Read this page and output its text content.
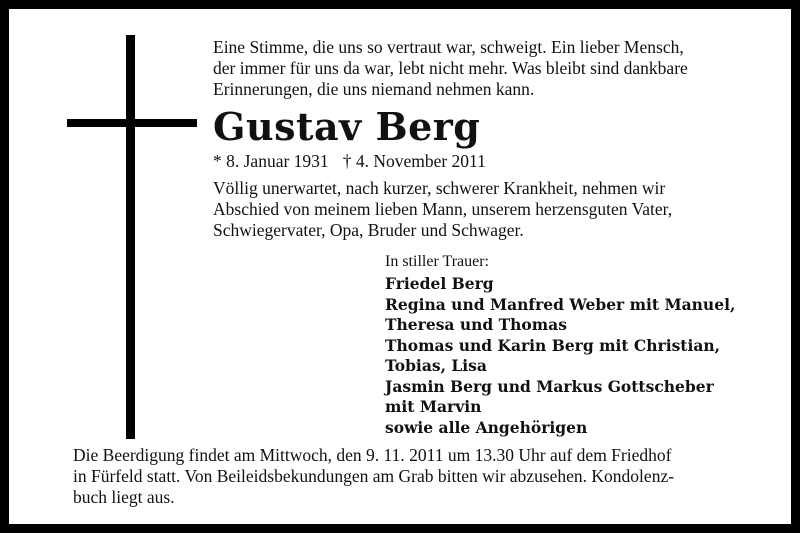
Eine Stimme, die uns so vertraut war, schweigt. Ein lieber Mensch,
der immer für uns da war, lebt nicht mehr. Was bleibt sind dankbare
Erinnerungen, die uns niemand nehmen kann.

Gustav Berg
* 8. Januar 1931 † 4. November 2011

Völlig unerwartet, nach kurzer, schwerer Krankheit, nehmen wir
Abschied von meinem lieben Mann, unserem herzensguten Vater,
Schwiegervater, Opa, Bruder und Schwager.

In stiller Trauer:
Friedel Berg
Regina und Manfred Weber mit Manuel,
Theresa und Thomas
Thomas und Karin Berg mit Christian,
Tobias, Lisa
Jasmin Berg und Markus Gottscheber
mit Marvin
sowie alle Angehörigen

Die Beerdigung findet am Mittwoch, den 9. 11. 2011 um 13.30 Uhr auf dem Friedhof
in Fürfeld statt. Von Beileidsbekundungen am Grab bitten wir abzusehen. Kondolenz-
buch liegt aus.
